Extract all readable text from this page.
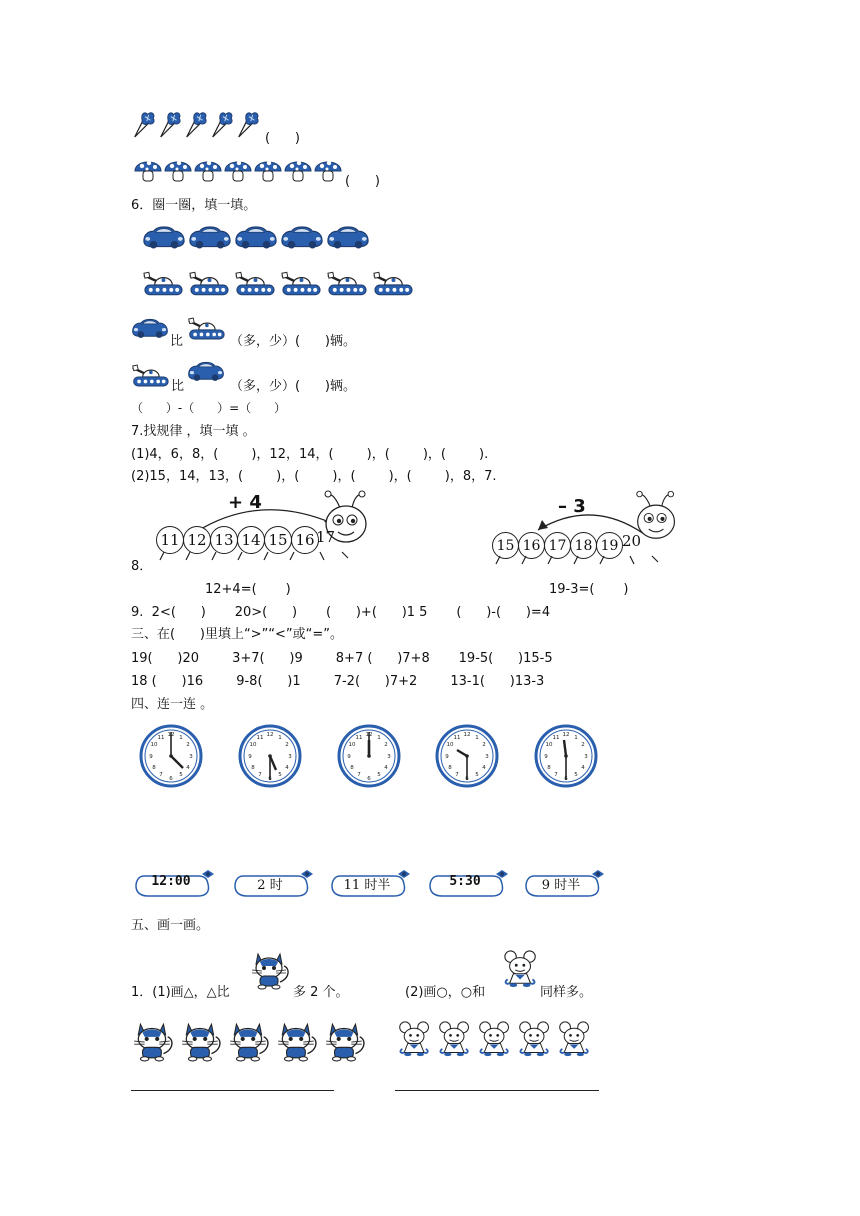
(      )
(      )
6．圈一圈，填一填。
比	（多，少）(      )辆。
比	（多，少）(      )辆。
（      ）-（      ）=（      ）
7.找规律 ，填一填 。
(1)4，6，8，(        )，12，14，(        )，(        )，(        ).
(2)15，14，13，(        )，(        )，(        )，(        )，8，7.
8．
+ 4
11 12 13 14 15 16 17
12+4=(       )
– 3
15 16 17 18 19 20
19-3=(       )
9.  2<(      )       20>(      )       (      )+(      )1 5       (      )-(      )=4
三、在(      )里填上“>”“<”或“=”。
19(      )20        3+7(      )9        8+7 (      )7+8       19-5(      )15-5
18 (      )16        9-8(      )1        7-2(      )7+2        13-1(      )13-3
四、连一连 。
12:00	2 时	11 时半	5:30	9 时半
五、画一画。
1．(1)画△，△比	多 2 个。	(2)画○，○和	同样多。
